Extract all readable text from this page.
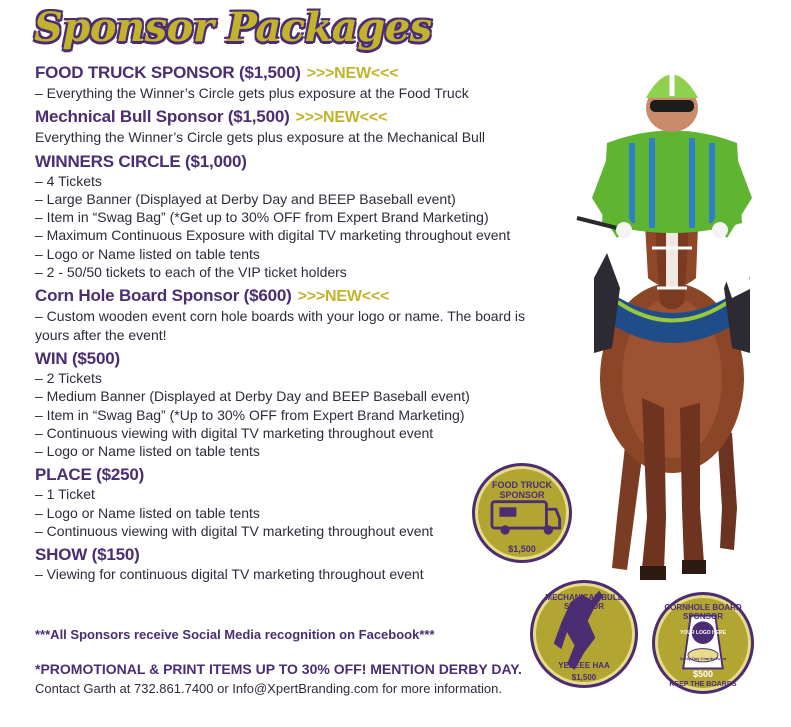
Sponsor Packages
FOOD TRUCK SPONSOR ($1,500) >>>NEW<<<
– Everything the Winner’s Circle gets plus exposure at the Food Truck
Mechnical Bull Sponsor ($1,500) >>>NEW<<<
Everything the Winner’s Circle gets plus exposure at the Mechanical Bull
WINNERS CIRCLE ($1,000)
– 4 Tickets
– Large Banner (Displayed at Derby Day and BEEP Baseball event)
– Item in “Swag Bag” (*Get up to 30% OFF from Expert Brand Marketing)
– Maximum Continuous Exposure with digital TV marketing throughout event
– Logo or Name listed on table tents
– 2 - 50/50 tickets to each of the VIP ticket holders
Corn Hole Board Sponsor ($600) >>>NEW<<<
– Custom wooden event corn hole boards with your logo or name. The board is yours after the event!
WIN ($500)
– 2 Tickets
– Medium Banner (Displayed at Derby Day and BEEP Baseball event)
– Item in “Swag Bag” (*Up to 30% OFF from Expert Brand Marketing)
– Continuous viewing with digital TV marketing throughout event
– Logo or Name listed on table tents
PLACE ($250)
– 1 Ticket
– Logo or Name listed on table tents
– Continuous viewing with digital TV marketing throughout event
SHOW ($150)
– Viewing for continuous digital TV marketing throughout event
***All Sponsors receive Social Media recognition on Facebook***
*PROMOTIONAL & PRINT ITEMS UP TO 30% OFF! MENTION DERBY DAY.
Contact Garth at 732.861.7400 or Info@XpertBranding.com for more information.
FOOD TRUCK SPONSOR
$1,500
MECHANICAL BULL SPONSOR
YEEEEE HAA
$1,500
CORNHOLE BOARD SPONSOR
YOUR LOGO HERE
Derby Day Charity Event
$500
KEEP THE BOARDS
